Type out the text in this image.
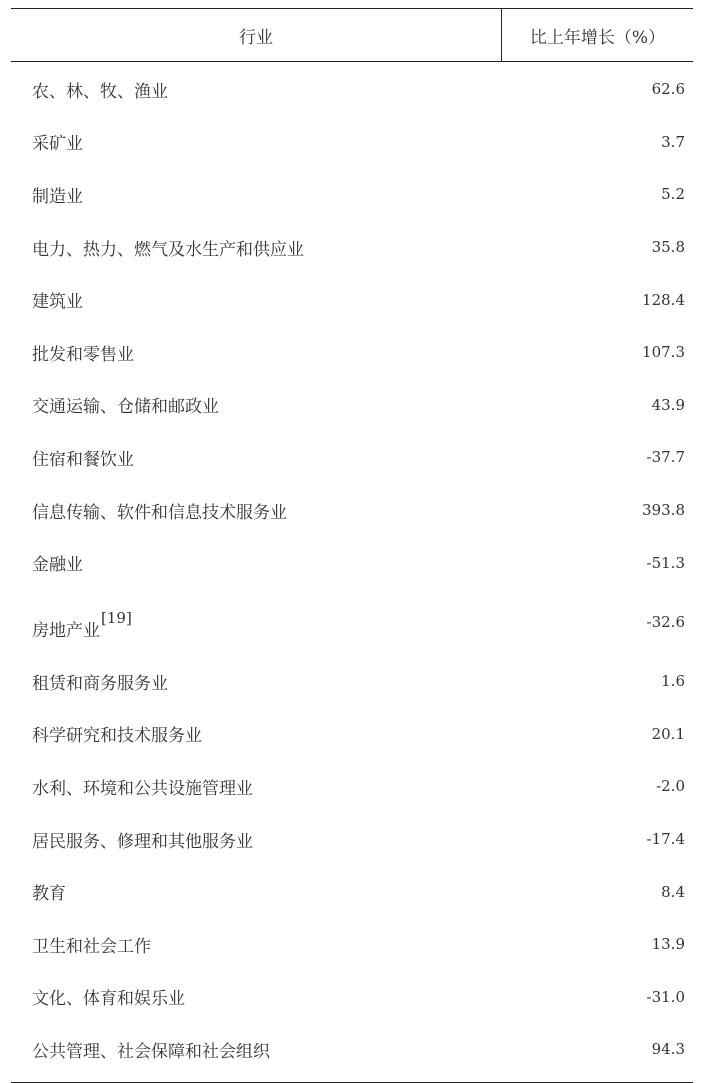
行业	比上年增长（%）
农、林、牧、渔业	62.6
采矿业	3.7
制造业	5.2
电力、热力、燃气及水生产和供应业	35.8
建筑业	128.4
批发和零售业	107.3
交通运输、仓储和邮政业	43.9
住宿和餐饮业	-37.7
信息传输、软件和信息技术服务业	393.8
金融业	-51.3
房地产业[19]	-32.6
租赁和商务服务业	1.6
科学研究和技术服务业	20.1
水利、环境和公共设施管理业	-2.0
居民服务、修理和其他服务业	-17.4
教育	8.4
卫生和社会工作	13.9
文化、体育和娱乐业	-31.0
公共管理、社会保障和社会组织	94.3
